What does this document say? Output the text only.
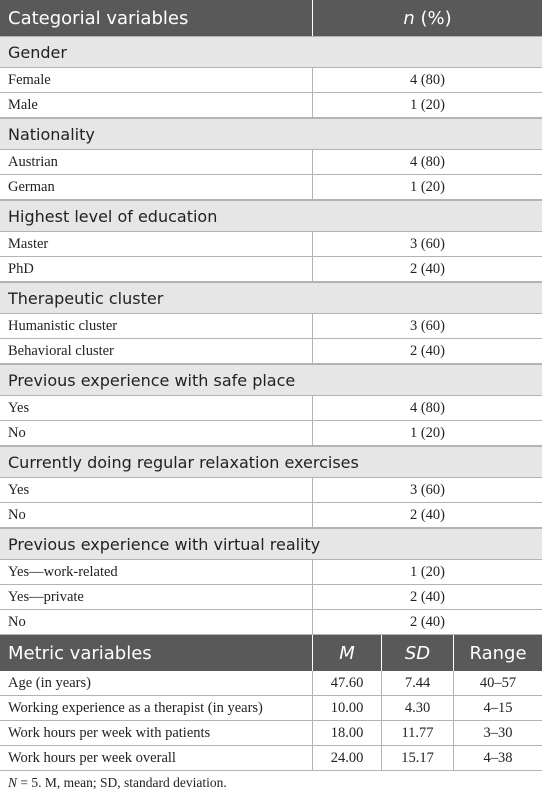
Categorial variables	n (%)
Gender
Female	4 (80)
Male	1 (20)
Nationality
Austrian	4 (80)
German	1 (20)
Highest level of education
Master	3 (60)
PhD	2 (40)
Therapeutic cluster
Humanistic cluster	3 (60)
Behavioral cluster	2 (40)
Previous experience with safe place
Yes	4 (80)
No	1 (20)
Currently doing regular relaxation exercises
Yes	3 (60)
No	2 (40)
Previous experience with virtual reality
Yes—work-related	1 (20)
Yes—private	2 (40)
No	2 (40)
Metric variables	M	SD	Range
Age (in years)	47.60	7.44	40–57
Working experience as a therapist (in years)	10.00	4.30	4–15
Work hours per week with patients	18.00	11.77	3–30
Work hours per week overall	24.00	15.17	4–38
N = 5. M, mean; SD, standard deviation.
